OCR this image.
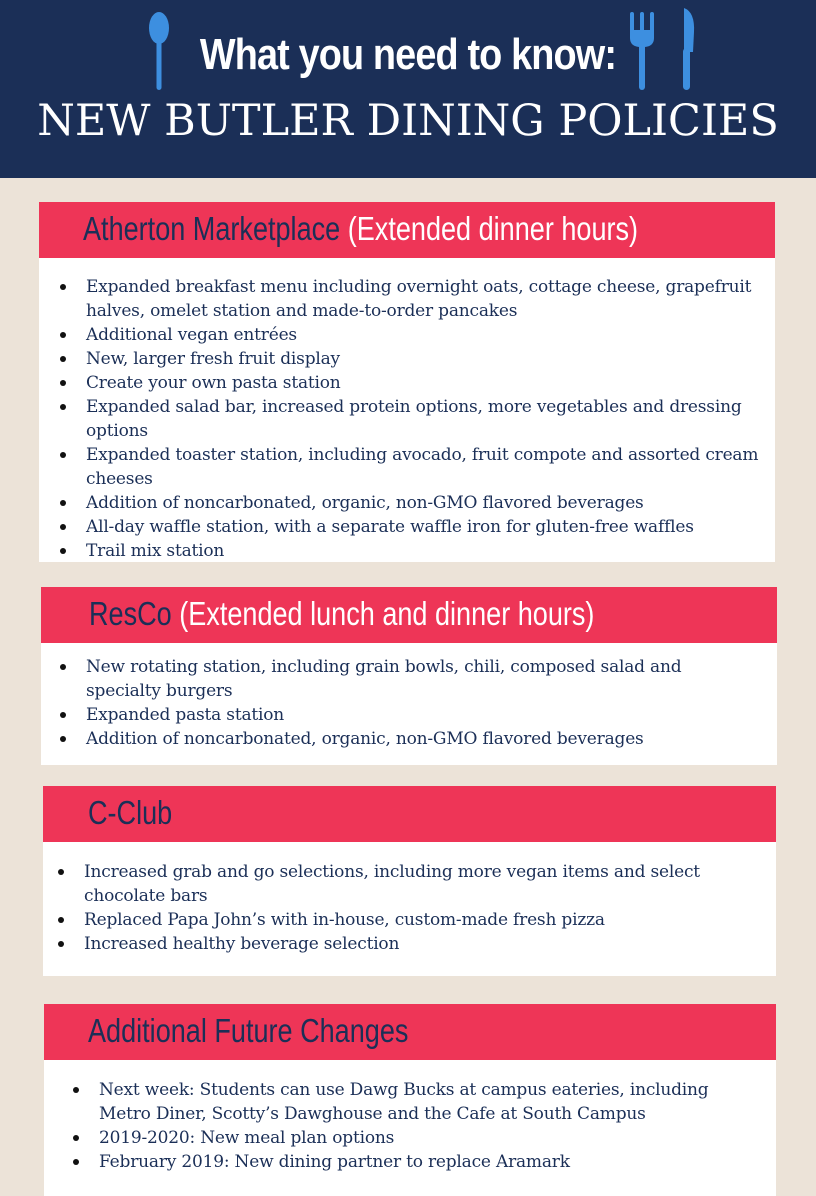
What you need to know:
NEW BUTLER DINING POLICIES
Atherton Marketplace (Extended dinner hours)
Expanded breakfast menu including overnight oats, cottage cheese, grapefruit halves, omelet station and made-to-order pancakes
Additional vegan entrées
New, larger fresh fruit display
Create your own pasta station
Expanded salad bar, increased protein options, more vegetables and dressing options
Expanded toaster station, including avocado, fruit compote and assorted cream cheeses
Addition of noncarbonated, organic, non-GMO flavored beverages
All-day waffle station, with a separate waffle iron for gluten-free waffles
Trail mix station
ResCo (Extended lunch and dinner hours)
New rotating station, including grain bowls, chili, composed salad and specialty burgers
Expanded pasta station
Addition of noncarbonated, organic, non-GMO flavored beverages
C-Club
Increased grab and go selections, including more vegan items and select chocolate bars
Replaced Papa John’s with in-house, custom-made fresh pizza
Increased healthy beverage selection
Additional Future Changes
Next week: Students can use Dawg Bucks at campus eateries, including Metro Diner, Scotty’s Dawghouse and the Cafe at South Campus
2019-2020: New meal plan options
February 2019: New dining partner to replace Aramark
